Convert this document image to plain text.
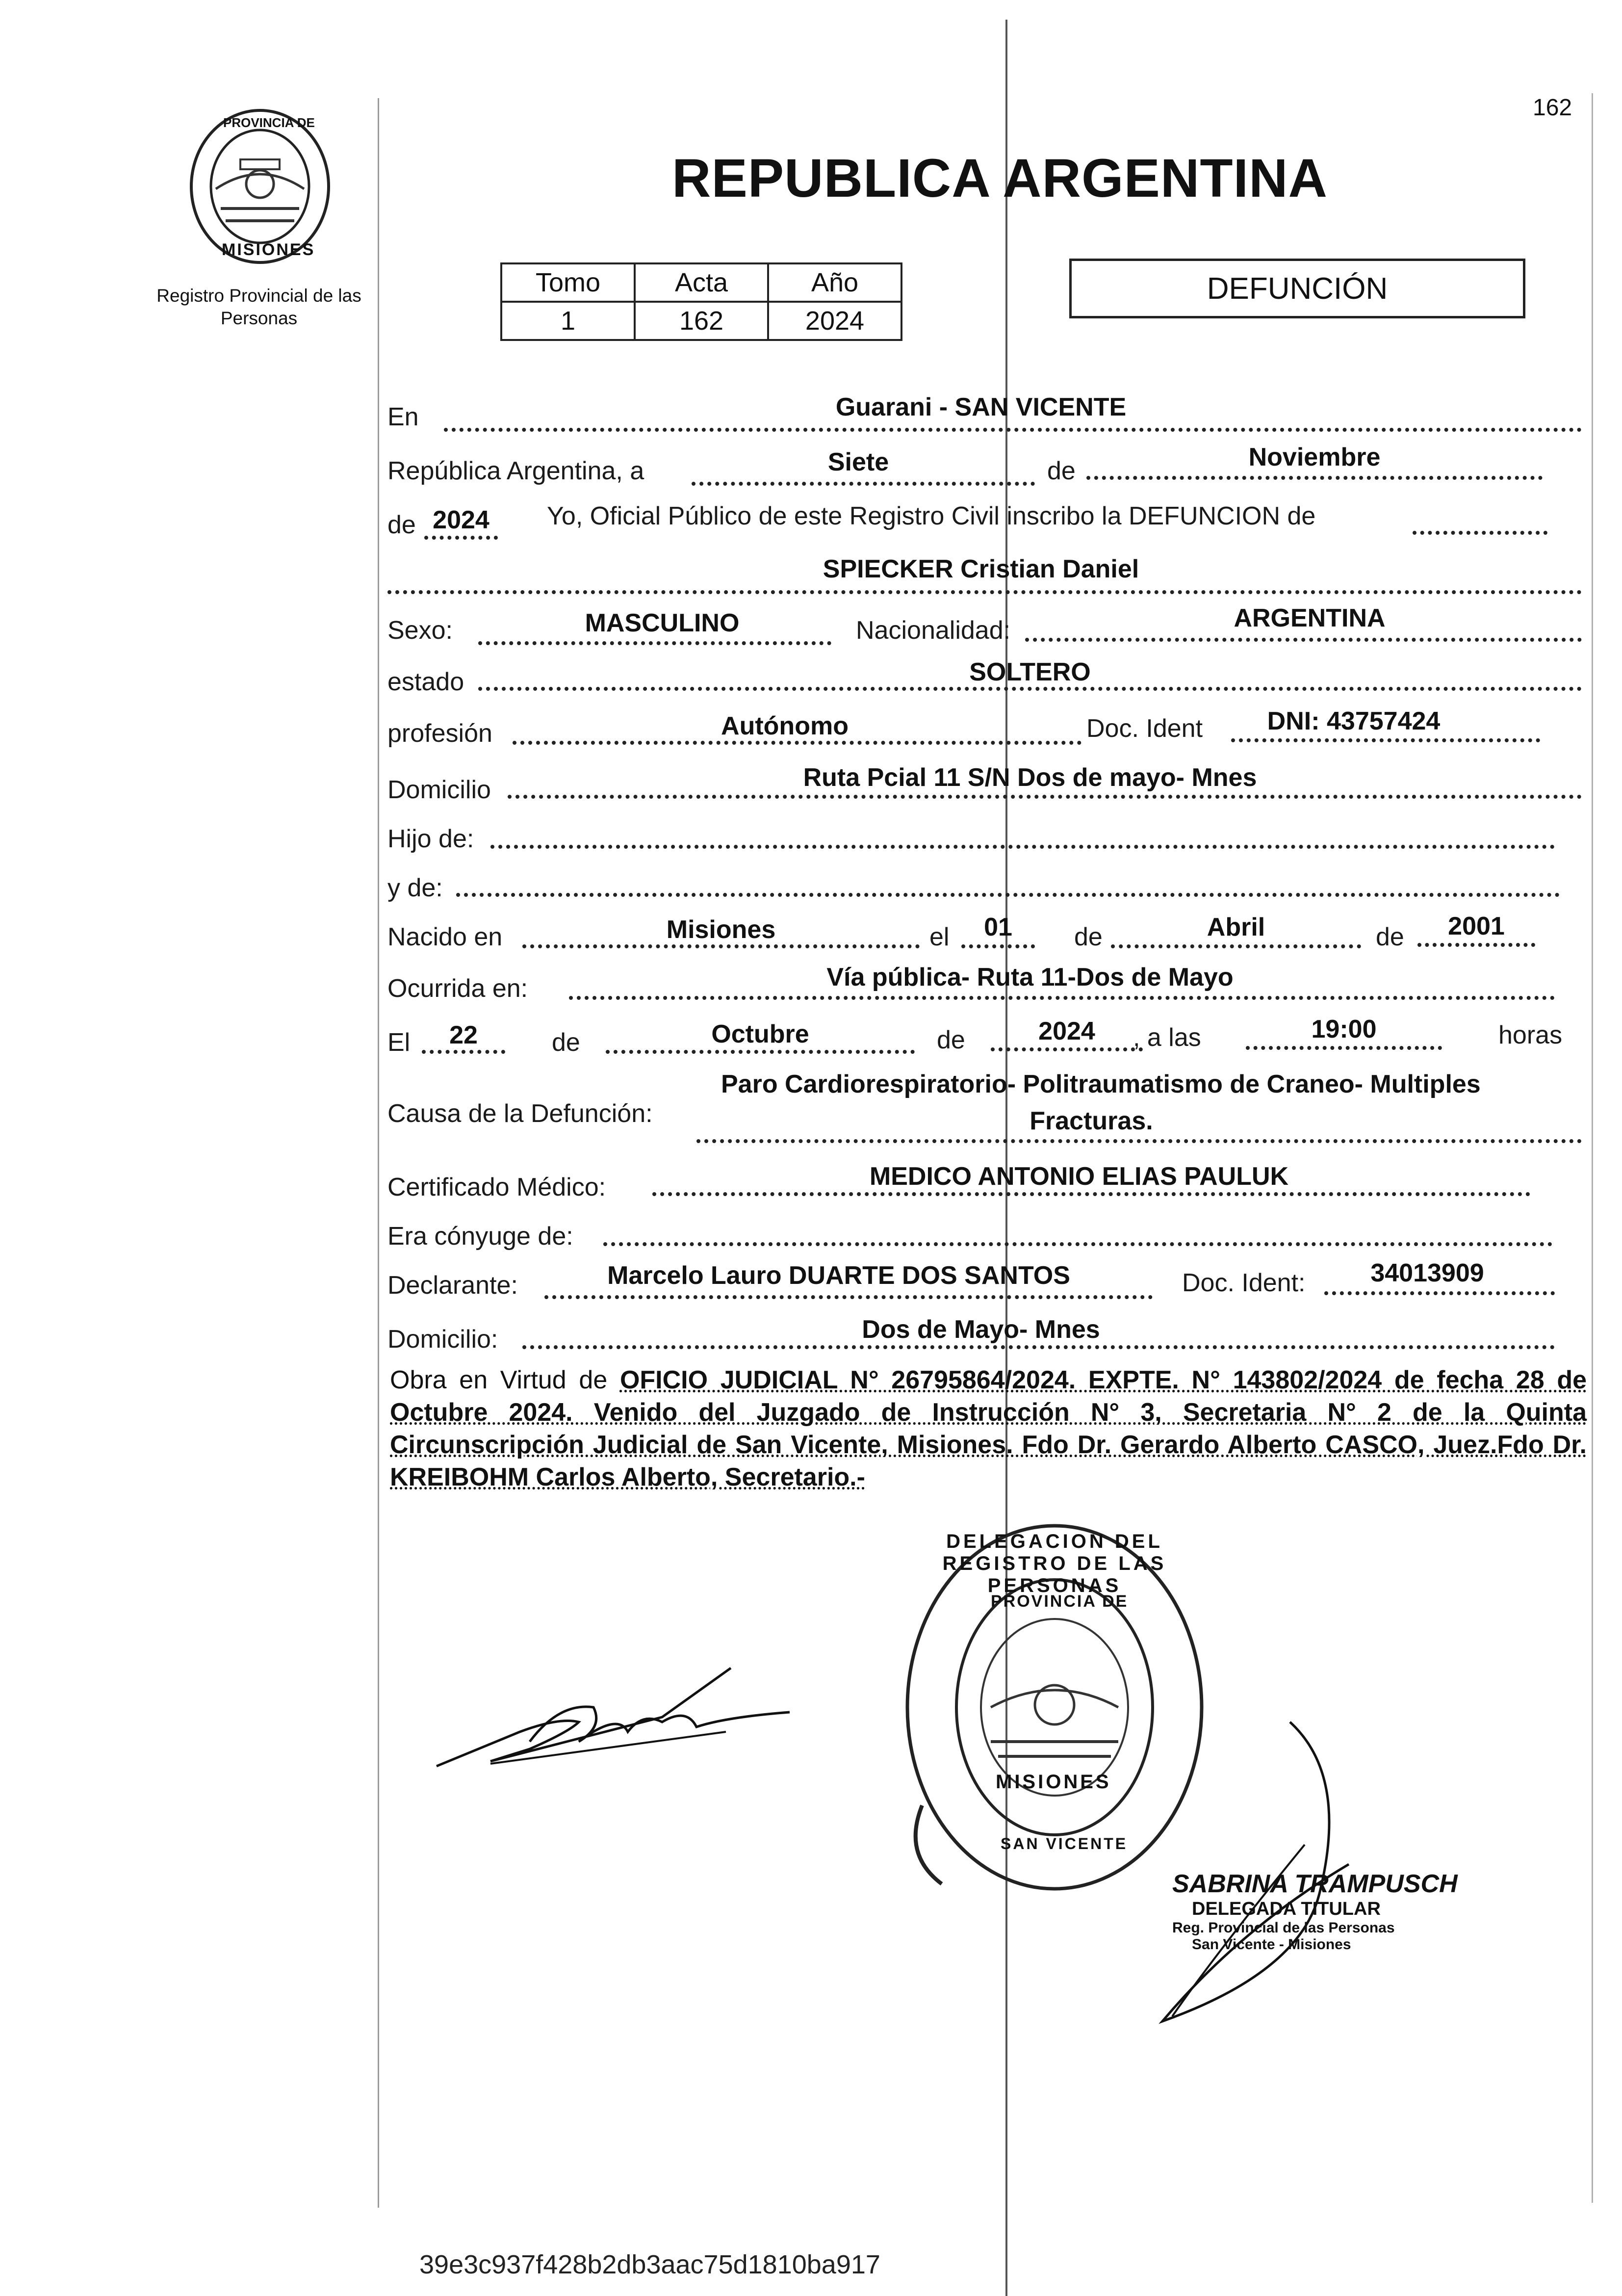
162
PROVINCIA DE
MISIONES
Registro Provincial de las Personas
REPUBLICA ARGENTINA
Tomo	Acta	Año
1	162	2024
DEFUNCIÓN
En	Guarani - SAN VICENTE
República Argentina, a	Siete	de	Noviembre
de 2024	Yo, Oficial Público de este Registro Civil inscribo la DEFUNCION de
SPIECKER Cristian Daniel
Sexo:	MASCULINO	Nacionalidad:	ARGENTINA
estado	SOLTERO
profesión	Autónomo	Doc. Ident	DNI: 43757424
Domicilio	Ruta Pcial 11 S/N Dos de mayo- Mnes
Hijo de:
y de:
Nacido en	Misiones	el	01	de	Abril	de	2001
Ocurrida en:	Vía pública- Ruta 11-Dos de Mayo
El	22	de	Octubre	de	2024	, a las	19:00	horas
Causa de la Defunción:
Paro Cardiorespiratorio- Politraumatismo de Craneo- Multiples
Fracturas.
Certificado Médico:	MEDICO ANTONIO ELIAS PAULUK
Era cónyuge de:
Declarante:	Marcelo Lauro DUARTE DOS SANTOS	Doc. Ident:	34013909
Domicilio:	Dos de Mayo- Mnes
Obra en Virtud de OFICIO JUDICIAL N° 26795864/2024. EXPTE. N° 143802/2024 de fecha 28 de Octubre 2024. Venido del Juzgado de Instrucción N° 3, Secretaria N° 2 de la Quinta Circunscripción Judicial de San Vicente, Misiones. Fdo Dr. Gerardo Alberto CASCO, Juez.Fdo Dr. KREIBOHM Carlos Alberto, Secretario.-
DELEGACION DEL REGISTRO DE LAS PERSONAS
PROVINCIA DE
MISIONES
SAN VICENTE
SABRINA TRAMPUSCH
DELEGADA TITULAR
Reg. Provincial de las Personas
San Vicente - Misiones
39e3c937f428b2db3aac75d1810ba917
